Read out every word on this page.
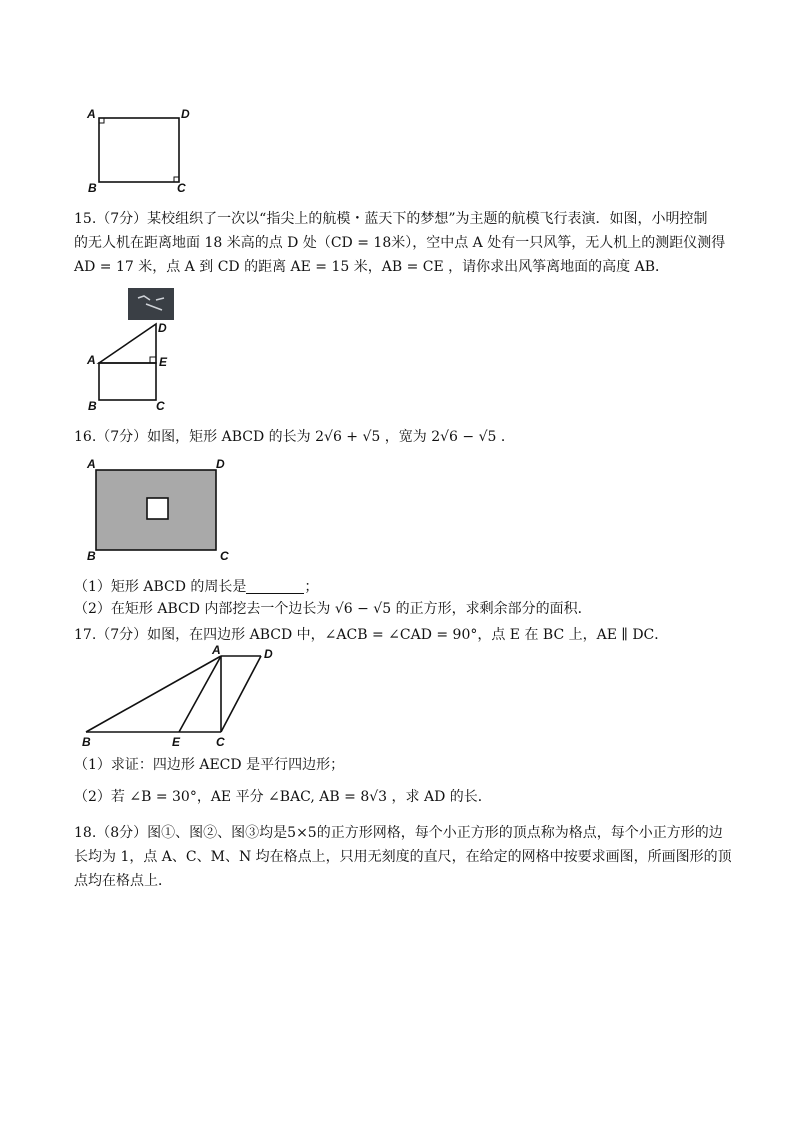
A	D
B	C
15.（7分）某校组织了一次以“指尖上的航模・蓝天下的梦想”为主题的航模飞行表演．如图，小明控制
的无人机在距离地面 18 米高的点 D 处（CD = 18米），空中点 A 处有一只风筝，无人机上的测距仪测得
AD = 17 米，点 A 到 CD 的距离 AE = 15 米，AB = CE ，请你求出风筝离地面的高度 AB．
D
A	E
B	C
16.（7分）如图，矩形 ABCD 的长为 2√6 + √5 ，宽为 2√6 − √5 ．
A	D
B	C
（1）矩形 ABCD 的周长是	；
（2）在矩形 ABCD 内部挖去一个边长为 √6 − √5 的正方形，求剩余部分的面积．
17.（7分）如图，在四边形 ABCD 中，∠ACB = ∠CAD = 90°，点 E 在 BC 上，AE ∥ DC．
A	D
B	E	C
（1）求证：四边形 AECD 是平行四边形；
（2）若 ∠B = 30°，AE 平分 ∠BAC, AB = 8√3 ，求 AD 的长．
18.（8分）图①、图②、图③均是5×5的正方形网格，每个小正方形的顶点称为格点，每个小正方形的边
长均为 1，点 A、C、M、N 均在格点上，只用无刻度的直尺，在给定的网格中按要求画图，所画图形的顶
点均在格点上．
